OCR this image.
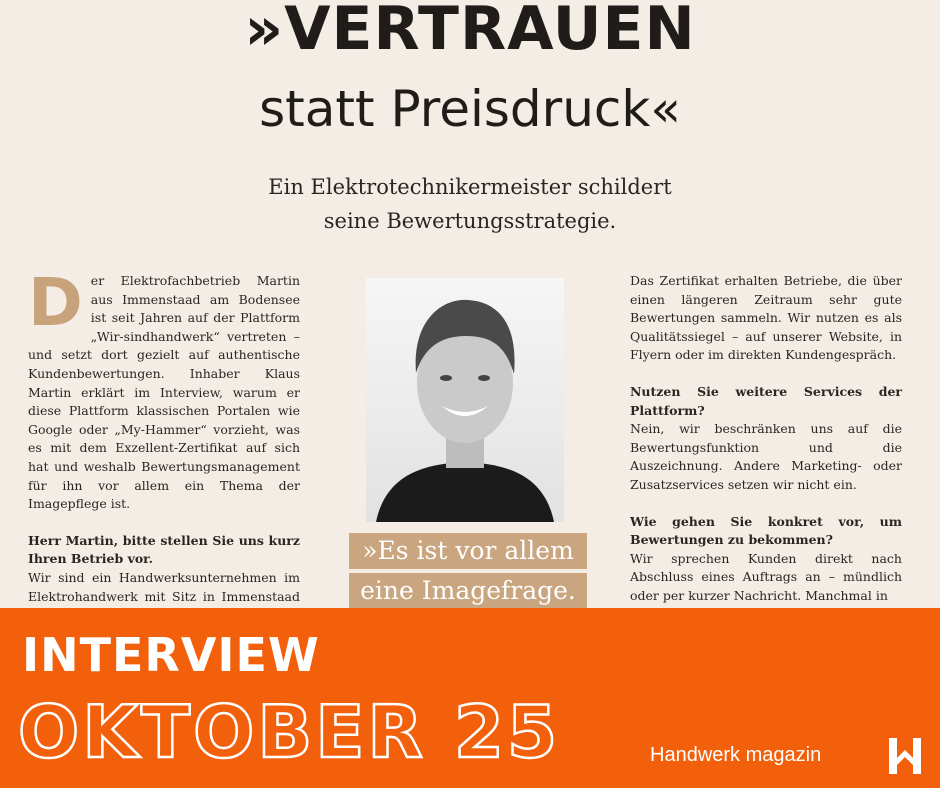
»VERTRAUEN
statt Preisdruck«
Ein Elektrotechnikermeister schildert
seine Bewertungsstrategie.

Der Elektrofachbetrieb Martin aus Immenstaad am Bodensee ist seit Jahren auf der Plattform „Wir-sindhandwerk“ vertreten – und setzt dort gezielt auf authentische Kundenbewertungen. Inhaber Klaus Martin erklärt im Interview, warum er diese Plattform klassischen Portalen wie Google oder „My-Hammer“ vorzieht, was es mit dem Exzellent-Zertifikat auf sich hat und weshalb Bewertungsmanagement für ihn vor allem ein Thema der Imagepflege ist.

Herr Martin, bitte stellen Sie uns kurz Ihren Betrieb vor.

Wir sind ein Handwerksunternehmen im Elektrohandwerk mit Sitz in Immenstaad

»Es ist vor allem
eine Imagefrage.

Das Zertifikat erhalten Betriebe, die über einen längeren Zeitraum sehr gute Bewertungen sammeln. Wir nutzen es als Qualitätssiegel – auf unserer Website, in Flyern oder im direkten Kundengespräch.

Nutzen Sie weitere Services der Plattform?

Nein, wir beschränken uns auf die Bewertungsfunktion und die Auszeichnung. Andere Marketing- oder Zusatzservices setzen wir nicht ein.

Wie gehen Sie konkret vor, um Bewertungen zu bekommen?

Wir sprechen Kunden direkt nach Abschluss eines Auftrags an – mündlich oder per kurzer Nachricht. Manchmal in

INTERVIEW
OKTOBER 25	Handwerk magazin
